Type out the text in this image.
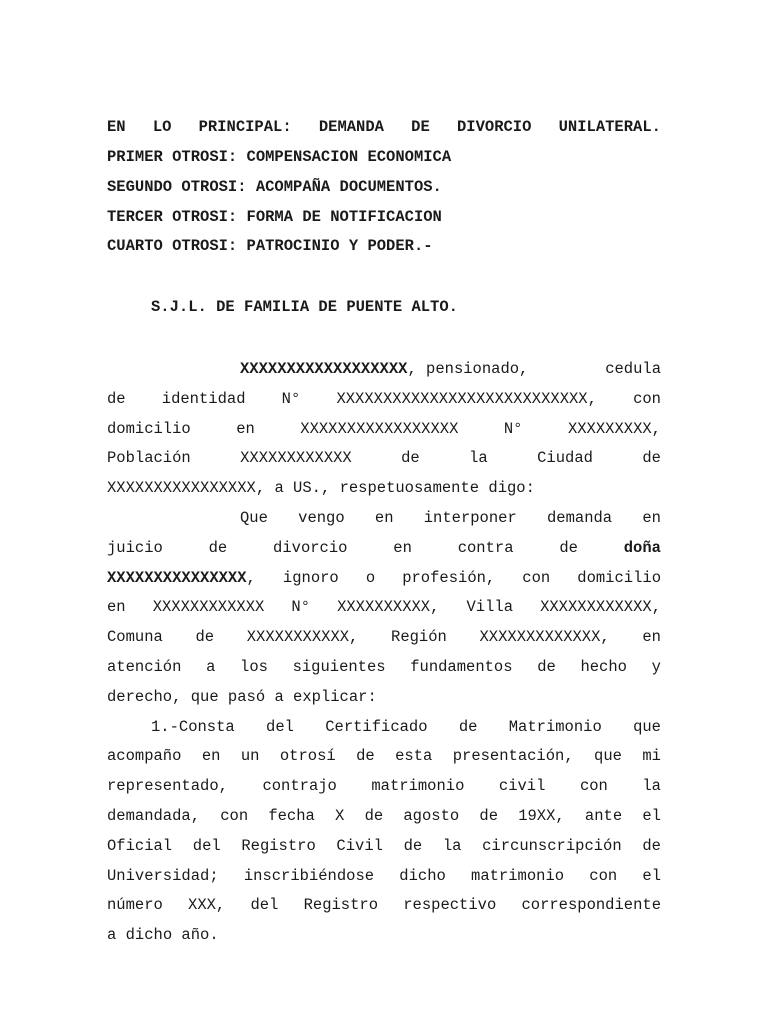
EN LO PRINCIPAL: DEMANDA DE DIVORCIO UNILATERAL.
PRIMER OTROSI: COMPENSACION ECONOMICA
SEGUNDO OTROSI: ACOMPAÑA DOCUMENTOS.
TERCER OTROSI: FORMA DE NOTIFICACION
CUARTO OTROSI: PATROCINIO Y PODER.-
S.J.L. DE FAMILIA DE PUENTE ALTO.
XXXXXXXXXXXXXXXXXX, pensionado,	cedula
de identidad N° XXXXXXXXXXXXXXXXXXXXXXXXXXX, con
domicilio	en	XXXXXXXXXXXXXXXXX	N°	XXXXXXXXX,
Población	XXXXXXXXXXXX	de	la	Ciudad	de
XXXXXXXXXXXXXXXX, a US., respetuosamente digo:
Que vengo en interponer demanda en
juicio	de	divorcio	en	contra	de	doña
XXXXXXXXXXXXXXX, ignoro o profesión, con domicilio
en XXXXXXXXXXXX N° XXXXXXXXXX, Villa XXXXXXXXXXXX,
Comuna de XXXXXXXXXXX, Región XXXXXXXXXXXXX, en
atención a los siguientes fundamentos de hecho y
derecho, que pasó a explicar:
1.-Consta del Certificado de Matrimonio que
acompaño en un otrosí de esta presentación, que mi
representado, contrajo matrimonio civil con la
demandada, con fecha X de agosto de 19XX, ante el
Oficial del Registro Civil de la circunscripción de
Universidad; inscribiéndose dicho matrimonio con el
número XXX, del Registro respectivo correspondiente
a dicho año.
